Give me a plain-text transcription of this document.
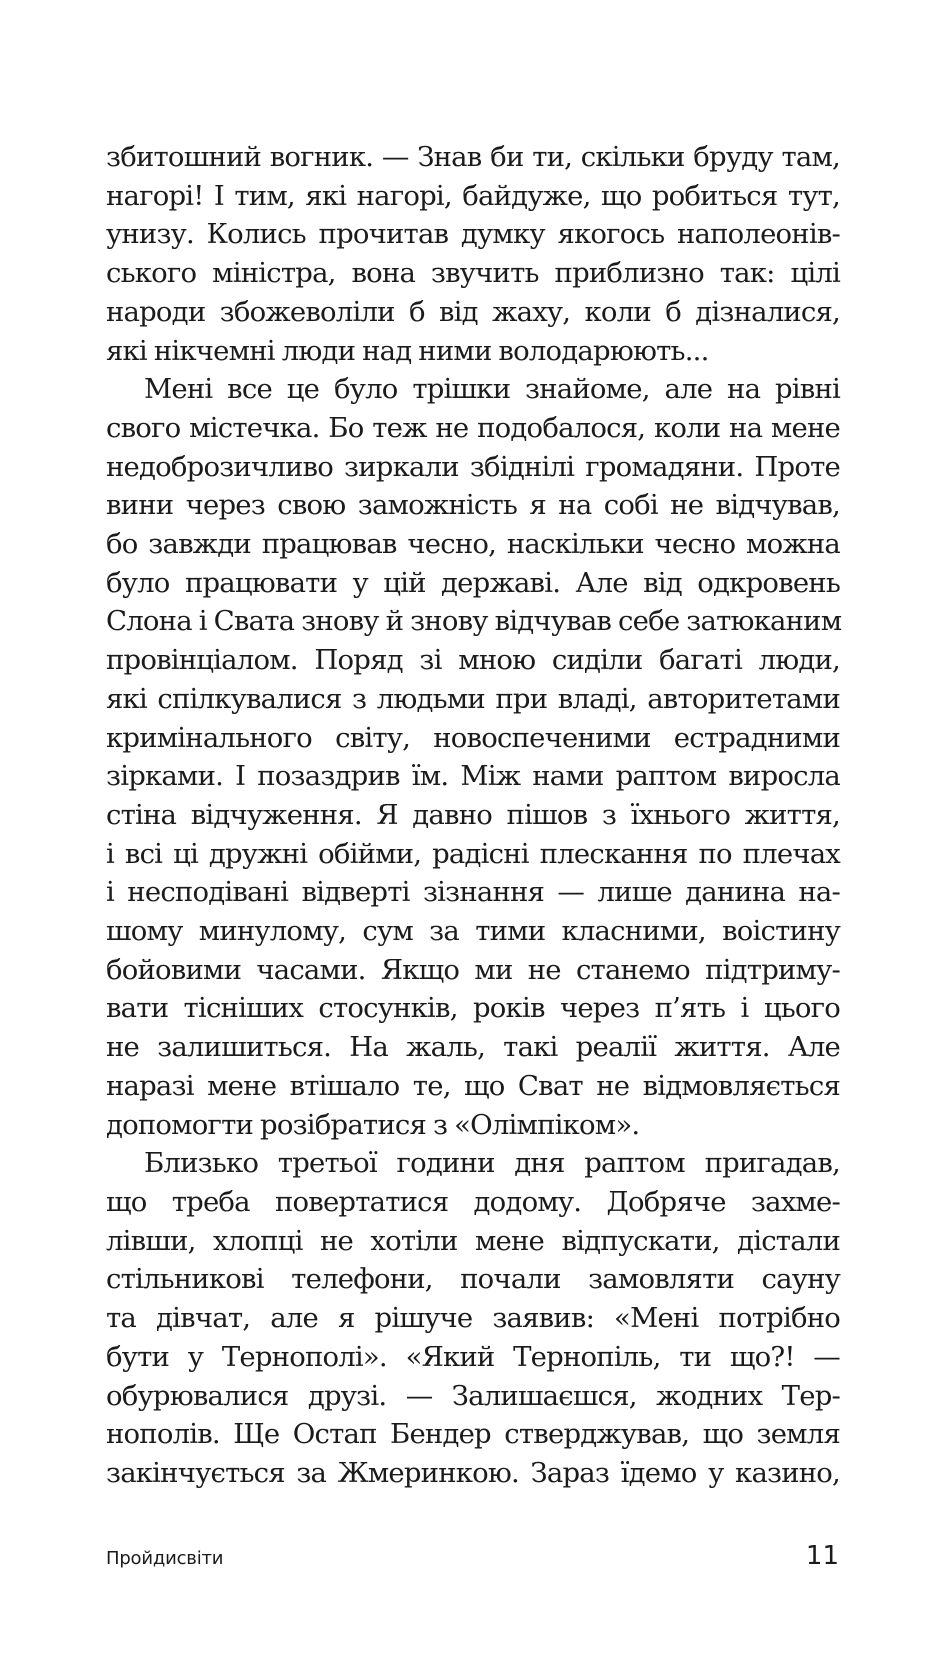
збитошний вогник. — Знав би ти, скільки бруду там,
нагорі! І тим, які нагорі, байдуже, що робиться тут,
унизу. Колись прочитав думку якогось наполеонів-
ського міністра, вона звучить приблизно так: цілі
народи збожеволіли б від жаху, коли б дізналися,
які нікчемні люди над ними володарюють...

Мені все це було трішки знайоме, але на рівні
свого містечка. Бо теж не подобалося, коли на мене
недоброзичливо зиркали збіднілі громадяни. Проте
вини через свою заможність я на собі не відчував,
бо завжди працював чесно, наскільки чесно можна
було працювати у цій державі. Але від одкровень
Слона і Свата знову й знову відчував себе затюканим
провінціалом. Поряд зі мною сиділи багаті люди,
які спілкувалися з людьми при владі, авторитетами
кримінального світу, новоспеченими естрадними
зірками. І позаздрив їм. Між нами раптом виросла
стіна відчуження. Я давно пішов з їхнього життя,
і всі ці дружні обійми, радісні плескання по плечах
і несподівані відверті зізнання — лише данина на-
шому минулому, сум за тими класними, воістину
бойовими часами. Якщо ми не станемо підтриму-
вати тісніших стосунків, років через п’ять і цього
не залишиться. На жаль, такі реалії життя. Але
наразі мене втішало те, що Сват не відмовляється
допомогти розібратися з «Олімпіком».

Близько третьої години дня раптом пригадав,
що треба повертатися додому. Добряче захме-
лівши, хлопці не хотіли мене відпускати, дістали
стільникові телефони, почали замовляти сауну
та дівчат, але я рішуче заявив: «Мені потрібно
бути у Тернополі». «Який Тернопіль, ти що?! —
обурювалися друзі. — Залишаєшся, жодних Тер-
нополів. Ще Остап Бендер стверджував, що земля
закінчується за Жмеринкою. Зараз їдемо у казино,

Пройдисвіти	11
